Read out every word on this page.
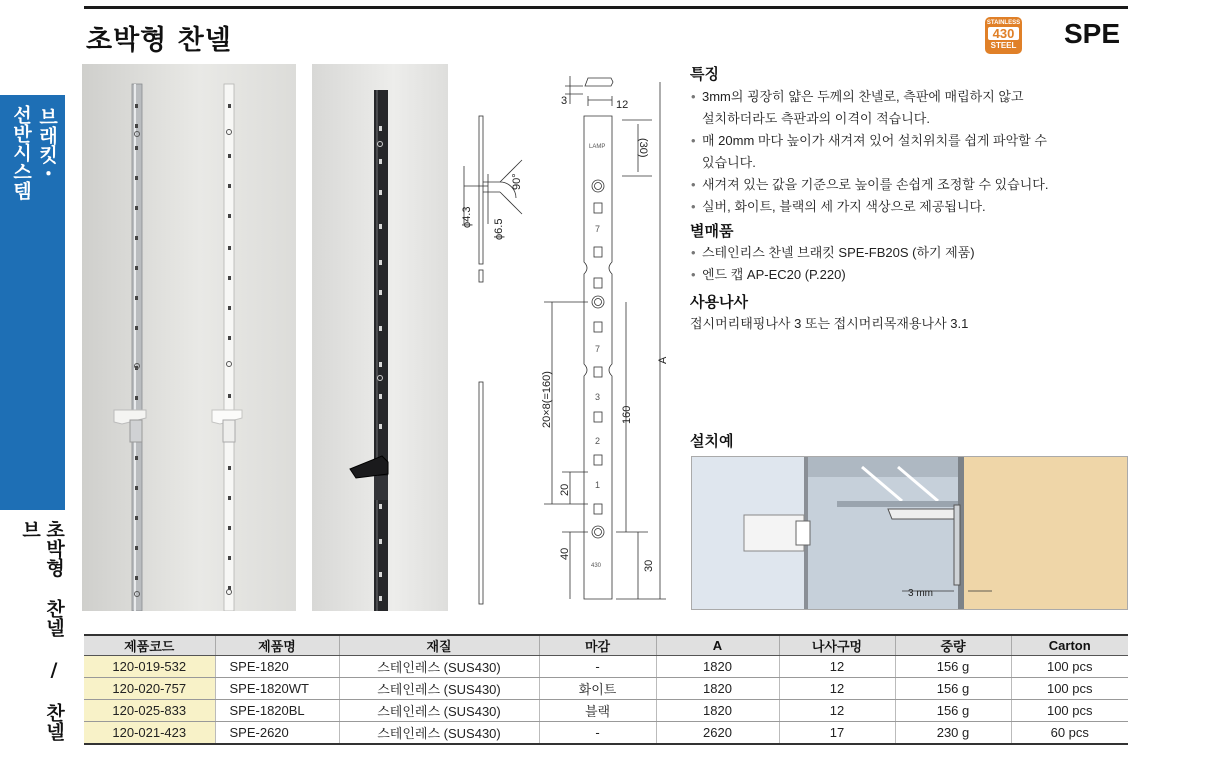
초박형 찬넬
STAINLESS
430
STEEL SPE
브래킷・
선반시스템
초박형 찬넬 / 찬넬 브
3	12
(30)
90°
ϕ4.3
ϕ6.5
20×8(=160)	160
A
20
40
30
LAMP
7
7
3
2
1
430
특징
• 3mm의 굉장히 얇은 두께의 찬넬로, 측판에 매립하지 않고
설치하더라도 측판과의 이격이 적습니다.
• 매 20mm 마다 높이가 새겨져 있어 설치위치를 쉽게 파악할 수
있습니다.
• 새겨져 있는 값을 기준으로 높이를 손쉽게 조정할 수 있습니다.
• 실버, 화이트, 블랙의 세 가지 색상으로 제공됩니다.
별매품
• 스테인리스 찬넬 브래킷 SPE-FB20S (하기 제품)
• 엔드 캡 AP-EC20 (P.220)
사용나사
접시머리태핑나사 3 또는 접시머리목재용나사 3.1
설치예
3 mm
제품코드	제품명	재질	마감	A	나사구멍	중량	Carton
120-019-532	SPE-1820	스테인레스 (SUS430)	-	1820	12	156 g	100 pcs
120-020-757	SPE-1820WT	스테인레스 (SUS430)	화이트	1820	12	156 g	100 pcs
120-025-833	SPE-1820BL	스테인레스 (SUS430)	블랙	1820	12	156 g	100 pcs
120-021-423	SPE-2620	스테인레스 (SUS430)	-	2620	17	230 g	60 pcs
